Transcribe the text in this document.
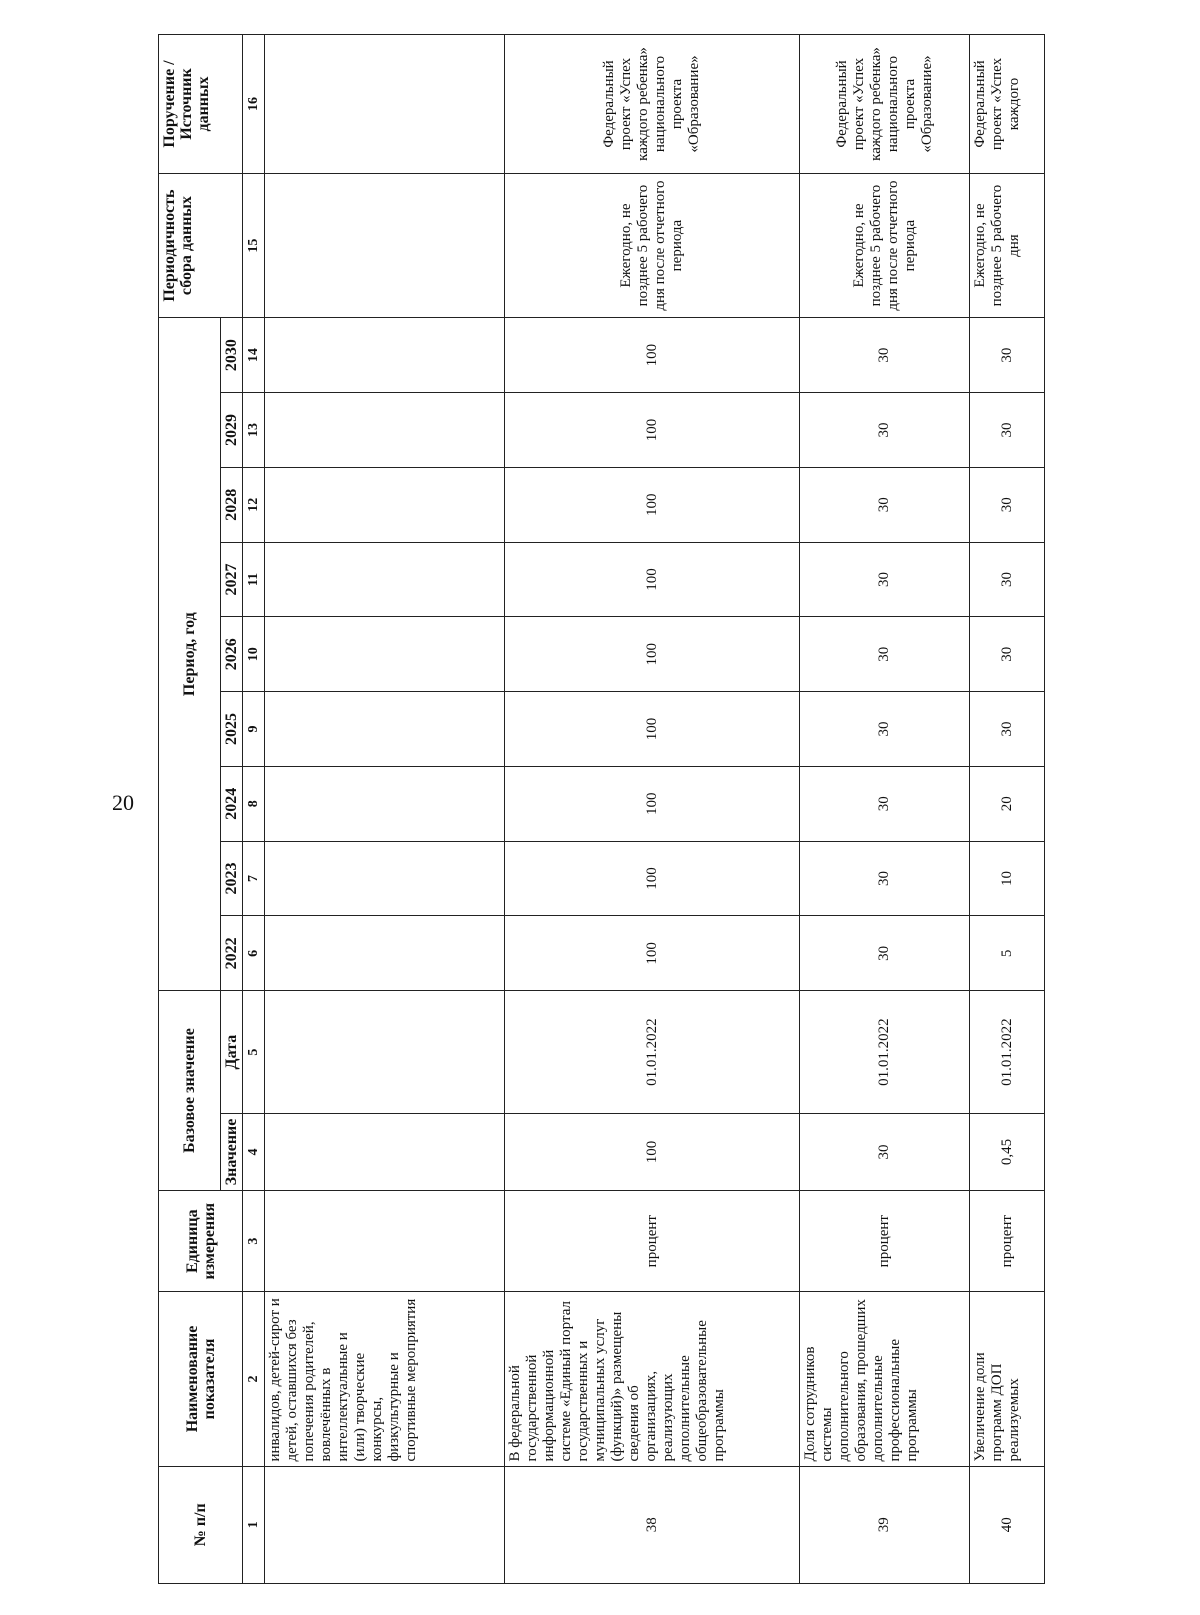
20
№ п/п	Наименование показателя	Единица измерения	Базовое значение		Период, год									Периодичность сбора данных	Поручение / Источник данных
			Значение	Дата	2022	2023	2024	2025	2026	2027	2028	2029	2030		
1	2	3	4	5	6	7	8	9	10	11	12	13	14	15	16
	инвалидов, детей-сирот и детей, оставшихся без попечения родителей, вовлечённых в интеллектуальные и (или) творческие конкурсы, физкультурные и спортивные мероприятия														
38	В федеральной государственной информационной системе «Единый портал государственных и муниципальных услуг (функций)» размещены сведения об организациях, реализующих дополнительные общеобразовательные программы	процент	100	01.01.2022	100	100	100	100	100	100	100	100	100	Ежегодно, не позднее 5 рабочего дня после отчетного периода	Федеральный проект «Успех каждого ребенка» национального проекта «Образование»
39	Доля сотрудников системы дополнительного образования, прошедших дополнительные профессиональные программы	процент	30	01.01.2022	30	30	30	30	30	30	30	30	30	Ежегодно, не позднее 5 рабочего дня после отчетного периода	Федеральный проект «Успех каждого ребенка» национального проекта «Образование»
40	Увеличение доли программ ДОП реализуемых	процент	0,45	01.01.2022	5	10	20	30	30	30	30	30	30	Ежегодно, не позднее 5 рабочего дня	Федеральный проект «Успех каждого
